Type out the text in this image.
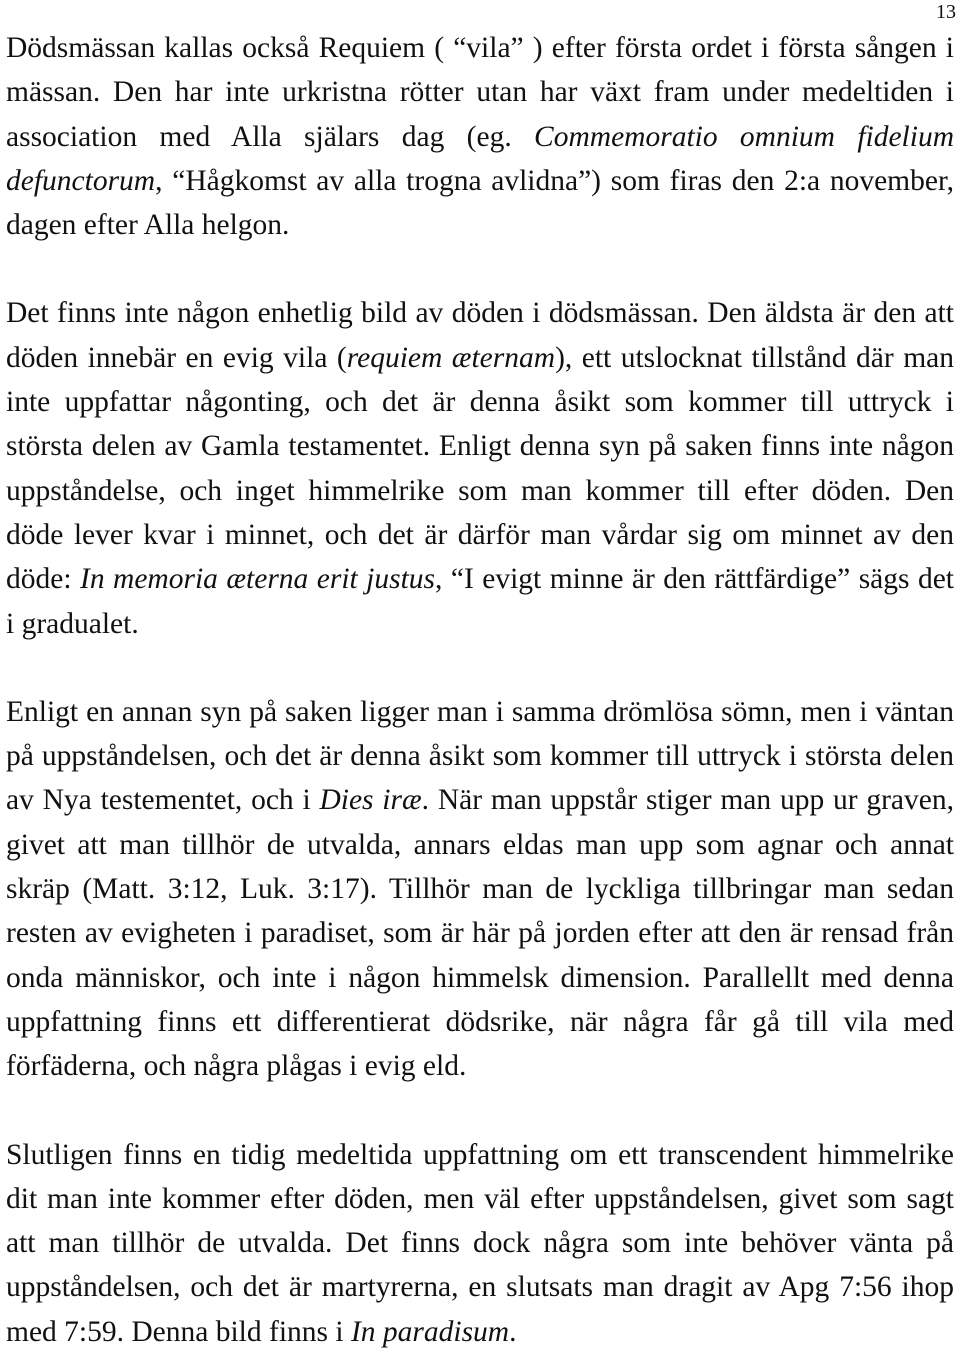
13

Dödsmässan kallas också Requiem ( “vila” ) efter första ordet i första sången i mässan. Den har inte urkristna rötter utan har växt fram under medeltiden i association med Alla själars dag (eg. Commemoratio omnium fidelium defunctorum, “Hågkomst av alla trogna avlidna”) som firas den 2:a november, dagen efter Alla helgon.

Det finns inte någon enhetlig bild av döden i dödsmässan. Den äldsta är den att döden innebär en evig vila (requiem æternam), ett utslocknat tillstånd där man inte uppfattar någonting, och det är denna åsikt som kommer till uttryck i största delen av Gamla testamentet. Enligt denna syn på saken finns inte någon uppståndelse, och inget himmelrike som man kommer till efter döden. Den döde lever kvar i minnet, och det är därför man vårdar sig om minnet av den döde: In memoria æterna erit justus, “I evigt minne är den rättfärdige” sägs det i gradualet.

Enligt en annan syn på saken ligger man i samma drömlösa sömn, men i väntan på uppståndelsen, och det är denna åsikt som kommer till uttryck i största delen av Nya testementet, och i Dies iræ. När man uppstår stiger man upp ur graven, givet att man tillhör de utvalda, annars eldas man upp som agnar och annat skräp (Matt. 3:12, Luk. 3:17). Tillhör man de lyckliga tillbringar man sedan resten av evigheten i paradiset, som är här på jorden efter att den är rensad från onda människor, och inte i någon himmelsk dimension. Parallellt med denna uppfattning finns ett differentierat dödsrike, när några får gå till vila med förfäderna, och några plågas i evig eld.

Slutligen finns en tidig medeltida uppfattning om ett transcendent himmelrike dit man inte kommer efter döden, men väl efter uppståndelsen, givet som sagt att man tillhör de utvalda. Det finns dock några som inte behöver vänta på uppståndelsen, och det är martyrerna, en slutsats man dragit av Apg 7:56 ihop med 7:59. Denna bild finns i In paradisum.
